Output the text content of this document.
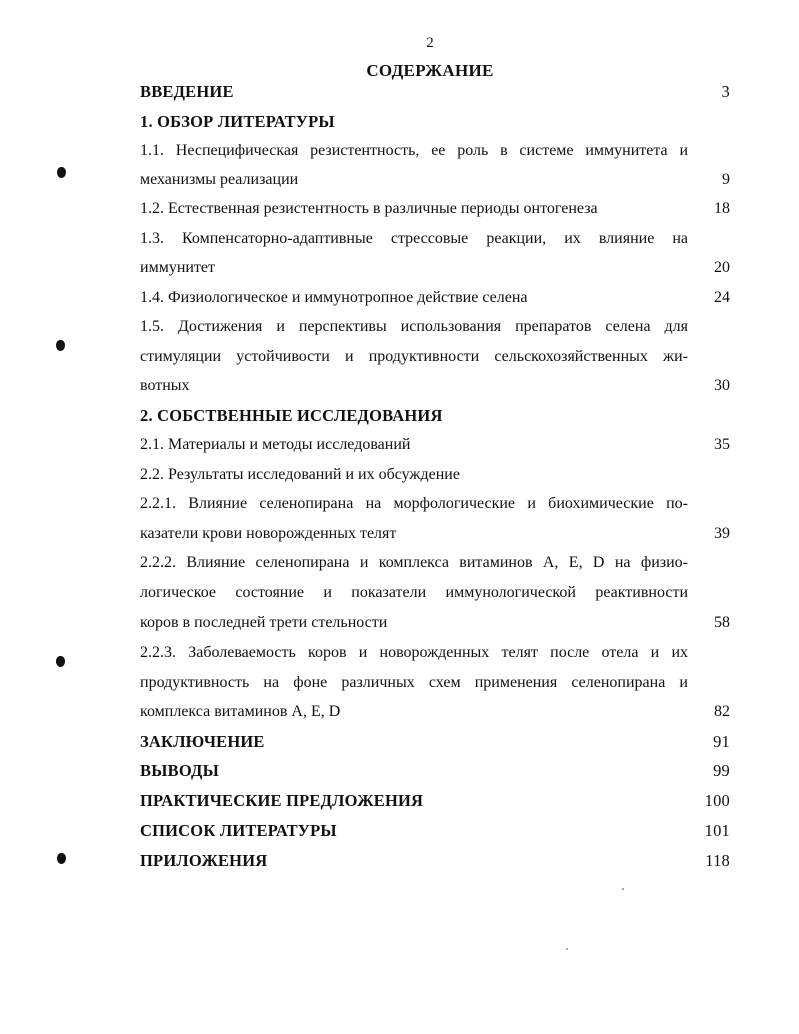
2
СОДЕРЖАНИЕ
ВВЕДЕНИЕ	3
1. ОБЗОР ЛИТЕРАТУРЫ
1.1. Неспецифическая резистентность, ее роль в системе иммунитета и
механизмы реализации	9
1.2. Естественная резистентность в различные периоды онтогенеза	18
1.3. Компенсаторно-адаптивные стрессовые реакции, их влияние на
иммунитет	20
1.4. Физиологическое и иммунотропное действие селена	24
1.5. Достижения и перспективы использования препаратов селена для
стимуляции устойчивости и продуктивности сельскохозяйственных жи-
вотных	30
2. СОБСТВЕННЫЕ ИССЛЕДОВАНИЯ
2.1. Материалы и методы исследований	35
2.2. Результаты исследований и их обсуждение
2.2.1. Влияние селенопирана на морфологические и биохимические по-
казатели крови новорожденных телят	39
2.2.2. Влияние селенопирана и комплекса витаминов А, Е, D на физио-
логическое состояние и показатели иммунологической реактивности
коров в последней трети стельности	58
2.2.3. Заболеваемость коров и новорожденных телят после отела и их
продуктивность на фоне различных схем применения селенопирана и
комплекса витаминов А, Е, D	82
ЗАКЛЮЧЕНИЕ	91
ВЫВОДЫ	99
ПРАКТИЧЕСКИЕ ПРЕДЛОЖЕНИЯ	100
СПИСОК ЛИТЕРАТУРЫ	101
ПРИЛОЖЕНИЯ	118
